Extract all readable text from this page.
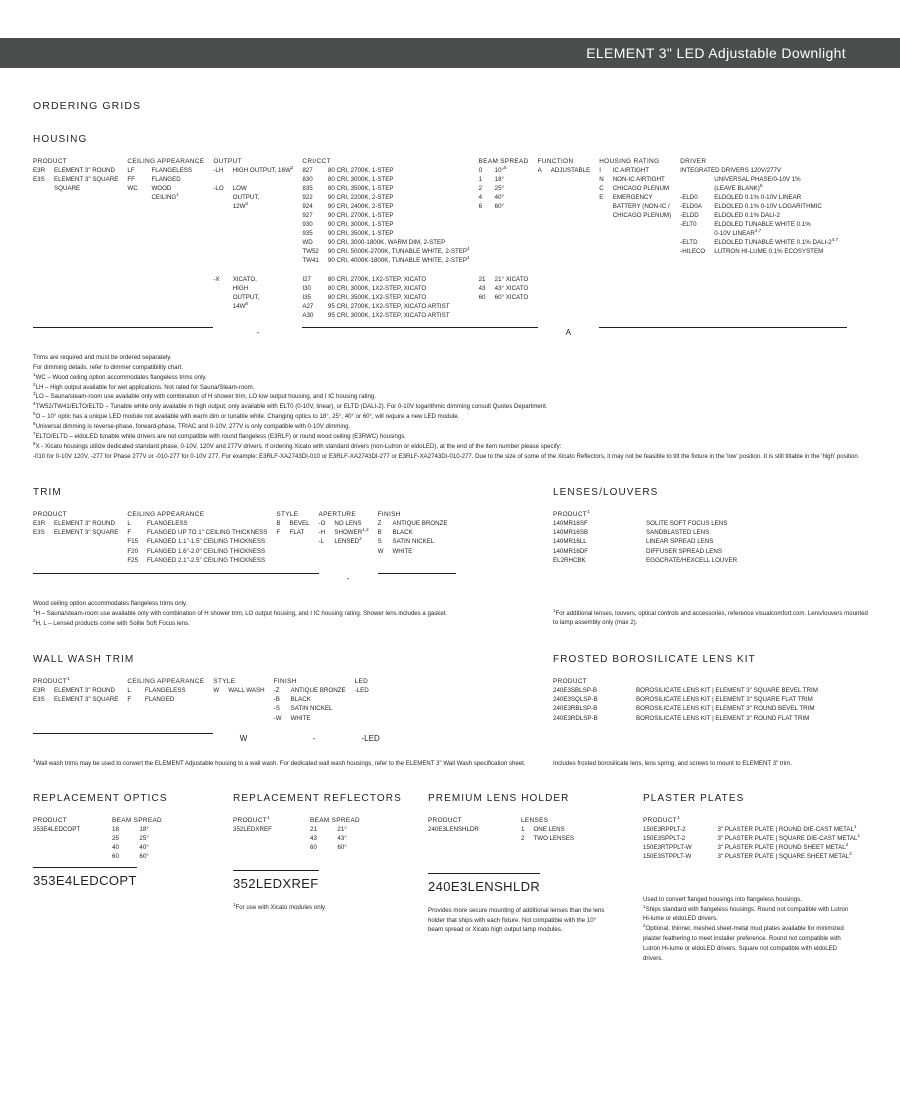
ELEMENT 3" LED Adjustable Downlight
ORDERING GRIDS
HOUSING
PRODUCT		CEILING APPEARANCE		OUTPUT		CRI/CCT		BEAM SPREAD		FUNCTION		HOUSING RATING		DRIVER	
E3R	ELEMENT 3" ROUND	LF	FLANGELESS	-LH	HIGH OUTPUT, $16W^2$	827	80 CRI, 2700K, 1-STEP	0	10°$^5$	A	ADJUSTABLE	I	IC AIRTIGHT	INTEGRATED DRIVERS 120V/277V	
E3S	ELEMENT 3" SQUARE	FF	FLANGED			830	80 CRI, 3000K, 1-STEP	1	18°			N	NON-IC AIRTIGHT		UNIVERSAL PHASE/0-10V 1%
	SQUARE	WC	WOOD	-LO	LOW	835	80 CRI, 3500K, 1-STEP	2	25°			C	CHICAGO PLENUM		(LEAVE BLANK)$^6$
			CEILING$^1$		OUTPUT,	922	90 CRI, 2200K, 2-STEP	4	40°			E	EMERGENCY	-ELD0	ELDOLED 0.1% 0-10V LINEAR
					$12W^3$	924	90 CRI, 2400K, 2-STEP	6	60°				BATTERY (NON-IC /	-ELD0A	ELDOLED 0.1% 0-10V LOGARITHMIC
						927	90 CRI, 2700K, 1-STEP						CHICAGO PLENUM)	-ELDD	ELDOLED 0.1% DALI-2
						930	90 CRI, 3000K, 1-STEP							-ELT0	ELDOLED TUNABLE WHITE 0.1%
						935	90 CRI, 3500K, 1-STEP								0-10V LINEAR$^{4,7}$
						WD	90 CRI, 3000-1800K, WARM DIM, 2-STEP							-ELTD	ELDOLED TUNABLE WHITE 0.1% DALI-2$^{4,7}$
						TW52	90 CRI, 5000K-2700K, TUNABLE WHITE, 2-STEP$^4$							-HILECO	LUTRON HI-LUME 0.1% ECOSYSTEM
						TW41	90 CRI, 4000K-1800K, TUNABLE WHITE, 2-STEP$^4$								

				-X	XICATO,	I27	80 CRI, 2700K, 1X2-STEP, XICATO	21	21° XICATO						
					HIGH	I30	80 CRI, 3000K, 1X2-STEP, XICATO	43	43° XICATO						
					OUTPUT,	I35	80 CRI, 3500K, 1X2-STEP, XICATO	60	60° XICATO						
					$14W^8$	A27	95 CRI, 2700K, 1X2-STEP, XICATO ARTIST								
						A30	95 CRI, 3000K, 1X2-STEP, XICATO ARTIST								

				-						A					

Trims are required and must be ordered separately.

For dimming details, refer to dimmer compatibility chart.

$^1$WC – Wood ceiling option accommodates flangeless trims only.

$^2$LH – High output available for wet applications. Not rated for Sauna/Steam-room.

$^3$LO – Sauna/steam-room use available only with combination of H shower trim, LO low output housing, and I IC housing rating.

$^4$TW52/TW41/ELTO/ELTD – Tunable white only available in high output; only available with ELT0 (0-10V, linear), or ELTD (DALI-2). For 0-10V logarithmic dimming consult Quotes Department.

$^5$O – 10° optic has a unique LED module not available with warm dim or tunable white. Changing optics to 18°, 25°, 40° or 60°, will require a new LED module.

$^6$Universal dimming is reverse-phase, forward-phase, TRIAC and 0-10V. 277V is only compatible with 0-10V dimming.

$^7$ELTO/ELTD – eldoLED tunable white drivers are not compatible with round flangeless (E3RLF) or round wood ceiling (E3RWC) housings.

$^8$X - Xicato housings utilize dedicated standard phase, 0-10V, 120V and 277V drivers. If ordering Xicato with standard drivers (non-Lutron or eldoLED), at the end of the item number please specify:

-010 for 0-10V 120V, -277 for Phase 277V or -010-277 for 0-10V 277. For example: E3RLF-XA2743DI-010 or E3RLF-XA2743DI-277 or E3RLF-XA2743DI-010-277. Due to the size of some of the Xicato Reflectors, it may not be feasible to tilt the fixture in the 'low' position. It is still tiltable in the 'high' position.

TRIM
PRODUCT		CEILING APPEARANCE		STYLE		APERTURE		FINISH	
E3R	ELEMENT 3" ROUND	L	FLANGELESS	B	BEVEL	-O	NO LENS	Z	ANTIQUE BRONZE
E3S	ELEMENT 3" SQUARE	F	FLANGED UP TO 1" CEILING THICKNESS	F	FLAT	-H	SHOWER$^{1,2}$	B	BLACK
		F15	FLANGED 1.1"-1.5" CEILING THICKNESS			-L	LENSED$^2$	S	SATIN NICKEL
		F20	FLANGED 1.6"-2.0" CEILING THICKNESS					W	WHITE
		F25	FLANGED 2.1"-2.5" CEILING THICKNESS						

						-			

Wood ceiling option accommodates flangeless trims only.

$^1$H – Sauna/steam-room use available only with combination of H shower trim, LO output housing, and I IC housing rating. Shower lens includes a gasket.

$^2$H, L – Lensed products come with Solite Soft Focus lens.

LENSES/LOUVERS
PRODUCT$^1$	
140MR16SF	SOLITE SOFT FOCUS LENS
140MR16SB	SANDBLASTED LENS
140MR16LL	LINEAR SPREAD LENS
140MR16DF	DIFFUSER SPREAD LENS
EL2RHCBK	EGGCRATE/HEXCELL LOUVER

$^1$For additional lenses, louvers, optical controls and accessories, reference visualcomfort.com. Lens/louvers mounted to lamp assembly only (max 2).

WALL WASH TRIM
PRODUCT$^1$		CEILING APPEARANCE		STYLE		FINISH		LED	
E3R	ELEMENT 3" ROUND	L	FLANGELESS	W	WALL WASH	-Z	ANTIQUE BRONZE	-LED	
E3S	ELEMENT 3" SQUARE	F	FLANGED			-B	BLACK		
						-S	SATIN NICKEL		
						-W	WHITE		

				W		-		-LED	

$^1$Wall wash trims may be used to convert the ELEMENT Adjustable housing to a wall wash. For dedicated wall wash housings, refer to the ELEMENT 3" Wall Wash specification sheet.

FROSTED BOROSILICATE LENS KIT
PRODUCT	
240E3SBLSP-B	BOROSILICATE LENS KIT | ELEMENT 3" SQUARE BEVEL TRIM
240E3SQLSP-B	BOROSILICATE LENS KIT | ELEMENT 3" SQUARE FLAT TRIM
240E3RBLSP-B	BOROSILICATE LENS KIT | ELEMENT 3" ROUND BEVEL TRIM
240E3RDLSP-B	BOROSILICATE LENS KIT | ELEMENT 3" ROUND FLAT TRIM

Includes frosted borosilicate lens, lens spring, and screws to mount to ELEMENT 3" trim.

REPLACEMENT OPTICS
PRODUCT	BEAM SPREAD	
353E4LEDCOPT	18	18°
	25	25°
	40	40°
	60	60°
353E4LEDCOPT
REPLACEMENT REFLECTORS
PRODUCT$^1$	BEAM SPREAD	
352LEDXREF	21	21°
	43	43°
	60	60°

352LEDXREF

$^1$For use with Xicato modules only.

PREMIUM LENS HOLDER
PRODUCT	LENSES	
240E3LENSHLDR	1	ONE LENS
	2	TWO LENSES

240E3LENSHLDR

Provides more secure mounting of additional lenses than the lens holder that ships with each fixture. Not compatible with the 10° beam spread or Xicato high output lamp modules.

PLASTER PLATES
PRODUCT$^1$	
150E3RPPLT-2	3" PLASTER PLATE | ROUND DIE-CAST METAL$^1$
150E3SPPLT-2	3" PLASTER PLATE | SQUARE DIE-CAST METAL$^1$
150E3RTPPLT-W	3" PLASTER PLATE | ROUND SHEET METAL$^2$
150E3STPPLT-W	3" PLASTER PLATE | SQUARE SHEET METAL$^2$

Used to convert flanged housings into flangeless housings.

$^1$Ships standard with flangeless housings. Round not compatible with Lutron Hi-lume or eldoLED drivers.

$^2$Optional, thinner, meshed sheet-metal mud plates available for minimized plaster feathering to meet installer preference. Round not compatible with Lutron Hi-lume or eldoLED drivers. Square not compatible with eldoLED drivers.
